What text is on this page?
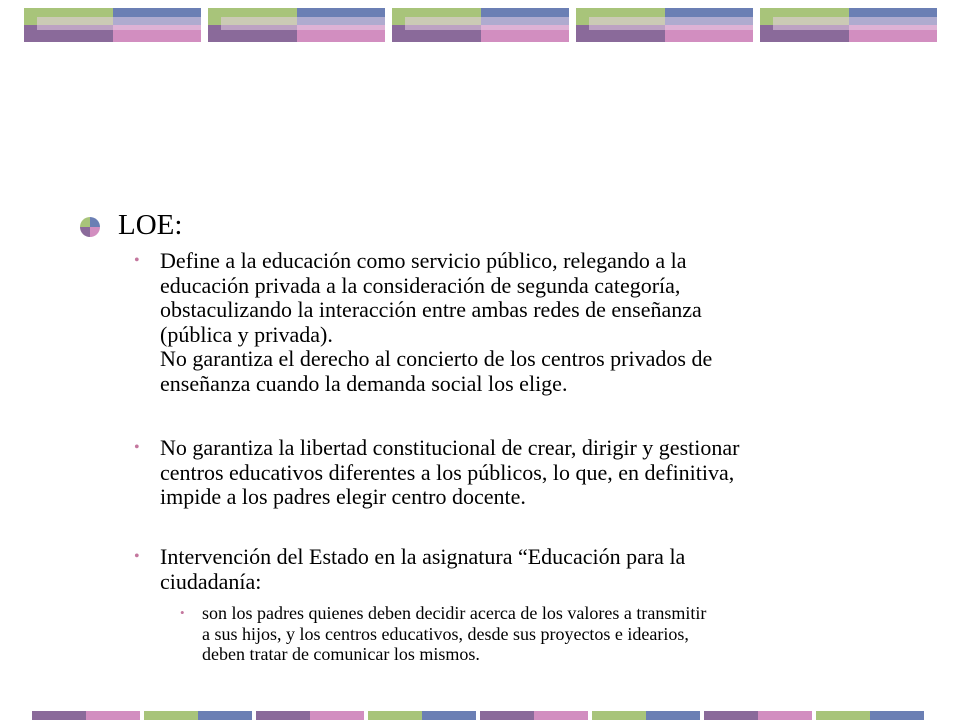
LOE:
• Define a la educación como servicio público, relegando a la
educación privada a la consideración de segunda categoría,
obstaculizando la interacción entre ambas redes de enseñanza
(pública y privada).
No garantiza el derecho al concierto de los centros privados de
enseñanza cuando la demanda social los elige.
• No garantiza la libertad constitucional de crear, dirigir y gestionar
centros educativos diferentes a los públicos, lo que, en definitiva,
impide a los padres elegir centro docente.
• Intervención del Estado en la asignatura “Educación para la
ciudadanía:
• son los padres quienes deben decidir acerca de los valores a transmitir
a sus hijos, y los centros educativos, desde sus proyectos e idearios,
deben tratar de comunicar los mismos.
